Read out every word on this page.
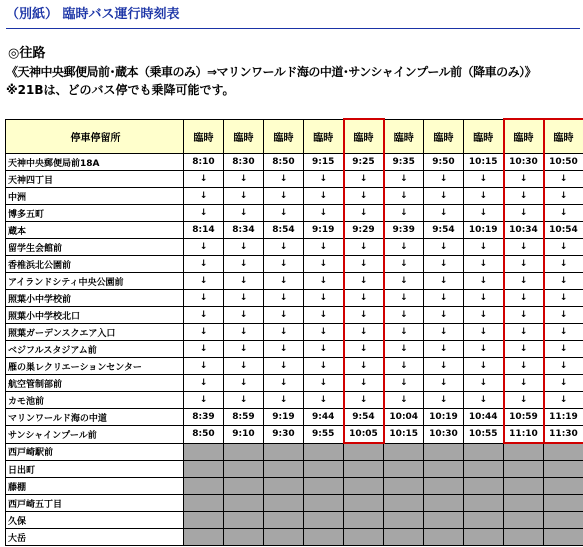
（別紙） 臨時バス運行時刻表
◎往路
《天神中央郵便局前･蔵本（乗車のみ）⇒マリンワールド海の中道･サンシャインプール前（降車のみ）》
※21Bは、どのバス停でも乗降可能です。
停車停留所	臨時	臨時	臨時	臨時	臨時	臨時	臨時	臨時	臨時	臨時
天神中央郵便局前18A	8:10	8:30	8:50	9:15	9:25	9:35	9:50	10:15	10:30	10:50
天神四丁目	↓	↓	↓	↓	↓	↓	↓	↓	↓	↓
中洲	↓	↓	↓	↓	↓	↓	↓	↓	↓	↓
博多五町	↓	↓	↓	↓	↓	↓	↓	↓	↓	↓
蔵本	8:14	8:34	8:54	9:19	9:29	9:39	9:54	10:19	10:34	10:54
留学生会館前	↓	↓	↓	↓	↓	↓	↓	↓	↓	↓
香椎浜北公園前	↓	↓	↓	↓	↓	↓	↓	↓	↓	↓
アイランドシティ中央公園前	↓	↓	↓	↓	↓	↓	↓	↓	↓	↓
照葉小中学校前	↓	↓	↓	↓	↓	↓	↓	↓	↓	↓
照葉小中学校北口	↓	↓	↓	↓	↓	↓	↓	↓	↓	↓
照葉ガーデンスクエア入口	↓	↓	↓	↓	↓	↓	↓	↓	↓	↓
ベジフルスタジアム前	↓	↓	↓	↓	↓	↓	↓	↓	↓	↓
雁の巣レクリエーションセンター	↓	↓	↓	↓	↓	↓	↓	↓	↓	↓
航空管制部前	↓	↓	↓	↓	↓	↓	↓	↓	↓	↓
カモ池前	↓	↓	↓	↓	↓	↓	↓	↓	↓	↓
マリンワールド海の中道	8:39	8:59	9:19	9:44	9:54	10:04	10:19	10:44	10:59	11:19
サンシャインプール前	8:50	9:10	9:30	9:55	10:05	10:15	10:30	10:55	11:10	11:30
西戸崎駅前										
日出町										
藤棚										
西戸崎五丁目										
久保										
大岳										
